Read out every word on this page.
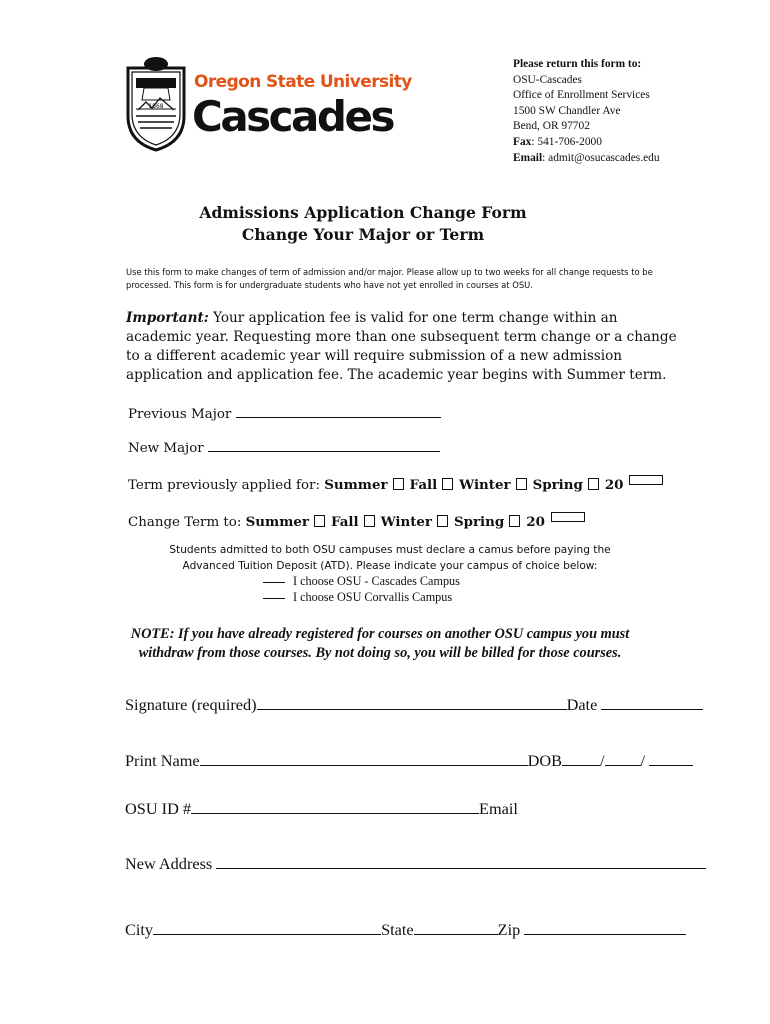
1868
Oregon State University
Cascades
Please return this form to:
OSU-Cascades
Office of Enrollment Services
1500 SW Chandler Ave
Bend, OR 97702
Fax: 541-706-2000
Email: admit@osucascades.edu
Admissions Application Change Form
Change Your Major or Term
Use this form to make changes of term of admission and/or major. Please allow up to two weeks for all change requests to be
processed. This form is for undergraduate students who have not yet enrolled in courses at OSU.
Important: Your application fee is valid for one term change within an academic year. Requesting more than one subsequent term change or a change to a different academic year will require submission of a new admission application and application fee. The academic year begins with Summer term.
Previous Major
New Major
Term previously applied for: Summer Fall Winter Spring 20
Change Term to: Summer Fall Winter Spring 20
Students admitted to both OSU campuses must declare a camus before paying the
Advanced Tuition Deposit (ATD). Please indicate your campus of choice below:
I choose OSU - Cascades Campus
I choose OSU Corvallis Campus
NOTE: If you have already registered for courses on another OSU campus you must
withdraw from those courses. By not doing so, you will be billed for those courses.
Signature (required)	Date
Print Name	DOB / /
OSU ID #	Email
New Address
City	State	Zip
